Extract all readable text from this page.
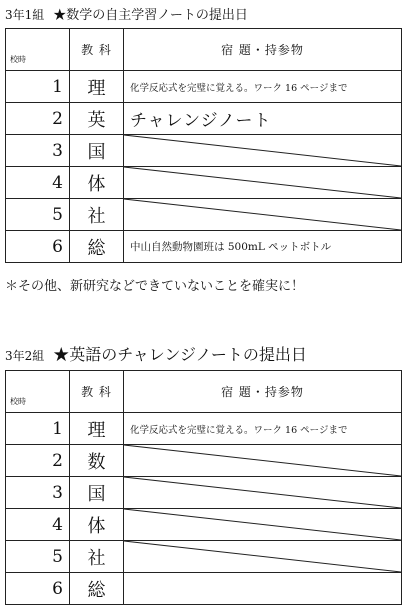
3年1組 ★数学の自主学習ノートの提出日
校時	教 科	宿 題・持参物
1	理	化学反応式を完璧に覚える。ワーク 16 ページまで
2	英	チャレンジノート
3	国	

4	体	

5	社	

6	総	中山自然動物園班は 500mL ペットボトル
＊その他、新研究などできていないことを確実に！
3年2組 ★英語のチャレンジノートの提出日
校時	教 科	宿 題・持参物
1	理	化学反応式を完璧に覚える。ワーク 16 ページまで
2	数	

3	国	

4	体	

5	社	

6	総	
